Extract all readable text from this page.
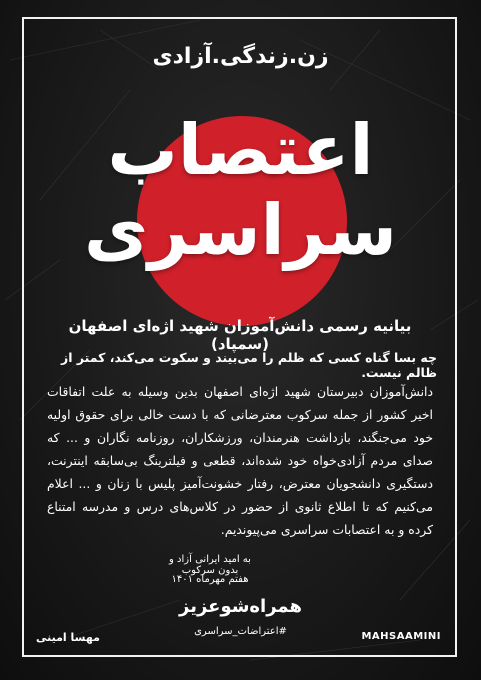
زن.زندگی.آزادی
اعتصاب
سراسری
بیانیه رسمی دانش‌آموزان شهید اژه‌ای اصفهان (سمپاد)
چه بسا گناه کسی که ظلم را می‌بیند و سکوت می‌کند، کمتر از ظالم نیست.
دانش‌آموزان دبیرستان شهید اژه‌ای اصفهان بدین وسیله به علت اتفاقات اخیر کشور از جمله سرکوب معترضانی که با دست خالی برای حقوق اولیه خود می‌جنگند، بازداشت هنرمندان، ورزشکاران، روزنامه نگاران و ... که صدای مردم آزادی‌خواه خود شده‌اند، قطعی و فیلترینگ بی‌سابقه اینترنت، دستگیری دانشجویان معترض، رفتار خشونت‌آمیز پلیس با زنان و ... اعلام می‌کنیم که تا اطلاع ثانوی از حضور در کلاس‌های درس و مدرسه امتناع کرده و به اعتصابات سراسری می‌پیوندیم.
به امید ایرانی آزاد و بدون سرکوب
هفتم مهرماه ۱۴۰۱
همراه‌شو‌عزیز
#اعتراضات_سراسری
مهسا امینی	MAHSAAMINI
